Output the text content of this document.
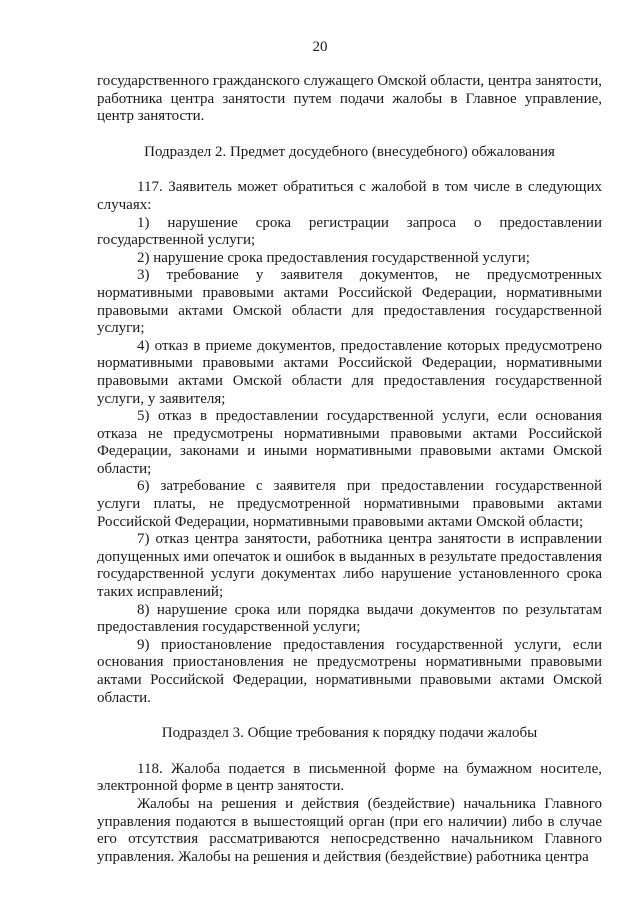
20

государственного гражданского служащего Омской области, центра занятости, работника центра занятости путем подачи жалобы в Главное управление, центр занятости.

Подраздел 2. Предмет досудебного (внесудебного) обжалования

117. Заявитель может обратиться с жалобой в том числе в следующих случаях:

1) нарушение срока регистрации запроса о предоставлении государственной услуги;

2) нарушение срока предоставления государственной услуги;

3) требование у заявителя документов, не предусмотренных нормативными правовыми актами Российской Федерации, нормативными правовыми актами Омской области для предоставления государственной услуги;

4) отказ в приеме документов, предоставление которых предусмотрено нормативными правовыми актами Российской Федерации, нормативными правовыми актами Омской области для предоставления государственной услуги, у заявителя;

5) отказ в предоставлении государственной услуги, если основания отказа не предусмотрены нормативными правовыми актами Российской Федерации, законами и иными нормативными правовыми актами Омской области;

6) затребование с заявителя при предоставлении государственной услуги платы, не предусмотренной нормативными правовыми актами Российской Федерации, нормативными правовыми актами Омской области;

7) отказ центра занятости, работника центра занятости в исправлении допущенных ими опечаток и ошибок в выданных в результате предоставления государственной услуги документах либо нарушение установленного срока таких исправлений;

8) нарушение срока или порядка выдачи документов по результатам предоставления государственной услуги;

9) приостановление предоставления государственной услуги, если основания приостановления не предусмотрены нормативными правовыми актами Российской Федерации, нормативными правовыми актами Омской области.

Подраздел 3. Общие требования к порядку подачи жалобы

118. Жалоба подается в письменной форме на бумажном носителе, электронной форме в центр занятости.

Жалобы на решения и действия (бездействие) начальника Главного управления подаются в вышестоящий орган (при его наличии) либо в случае его отсутствия рассматриваются непосредственно начальником Главного управления. Жалобы на решения и действия (бездействие) работника центра
